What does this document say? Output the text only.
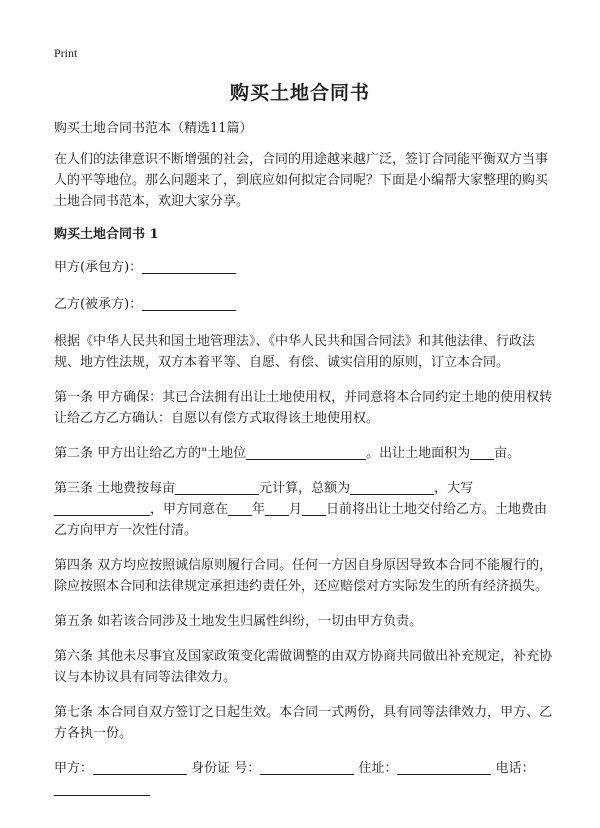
Print
购买土地合同书

购买土地合同书范本（精选11篇）

在人们的法律意识不断增强的社会，合同的用途越来越广泛，签订合同能平衡双方当事人的平等地位。那么问题来了，到底应如何拟定合同呢？下面是小编帮大家整理的购买土地合同书范本，欢迎大家分享。

购买土地合同书 1

甲方(承包方)：

乙方(被承方)：

根据《中华人民共和国土地管理法》、《中华人民共和国合同法》和其他法律、行政法规、地方性法规，双方本着平等、自愿、有偿、诚实信用的原则，订立本合同。

第一条 甲方确保：其已合法拥有出让土地使用权，并同意将本合同约定土地的使用权转让给乙方乙方确认：自愿以有偿方式取得该土地使用权。

第二条 甲方出让给乙方的"土地位	。出让土地面积为 亩。

第三条 土地费按每亩	元计算，总额为	，大写
，甲方同意在 年 月 日前将出让土地交付给乙方。土地费由乙方向甲方一次性付清。

第四条 双方均应按照诚信原则履行合同。任何一方因自身原因导致本合同不能履行的，除应按照本合同和法律规定承担违约责任外，还应赔偿对方实际发生的所有经济损失。

第五条 如若该合同涉及土地发生归属性纠纷，一切由甲方负责。

第六条 其他未尽事宜及国家政策变化需做调整的由双方协商共同做出补充规定，补充协议与本协议具有同等法律效力。

第七条 本合同自双方签订之日起生效。本合同一式两份，具有同等法律效力，甲方、乙方各执一份。

甲方：	身份证 号：	住址：	电话：
